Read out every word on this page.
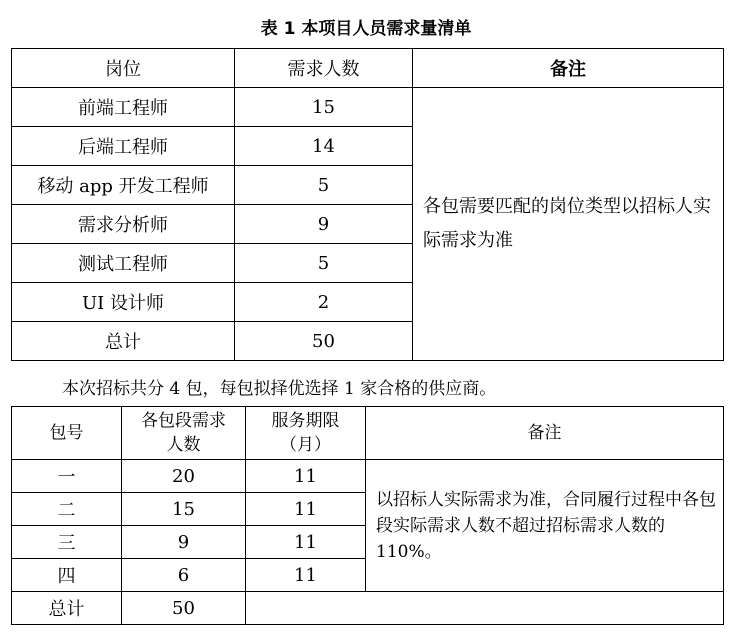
表 1 本项目人员需求量清单
岗位	需求人数	备注
前端工程师	15	各包需要匹配的岗位类型以招标人实际需求为准
后端工程师	14	
移动 app 开发工程师	5	
需求分析师	9	
测试工程师	5	
UI 设计师	2	
总计	50	
本次招标共分 4 包，每包拟择优选择 1 家合格的供应商。
包号	各包段需求人数	服务期限（月）	备注
一	20	11	以招标人实际需求为准，合同履行过程中各包段实际需求人数不超过招标需求人数的110%。
二	15	11	
三	9	11	
四	6	11	
总计	50		
